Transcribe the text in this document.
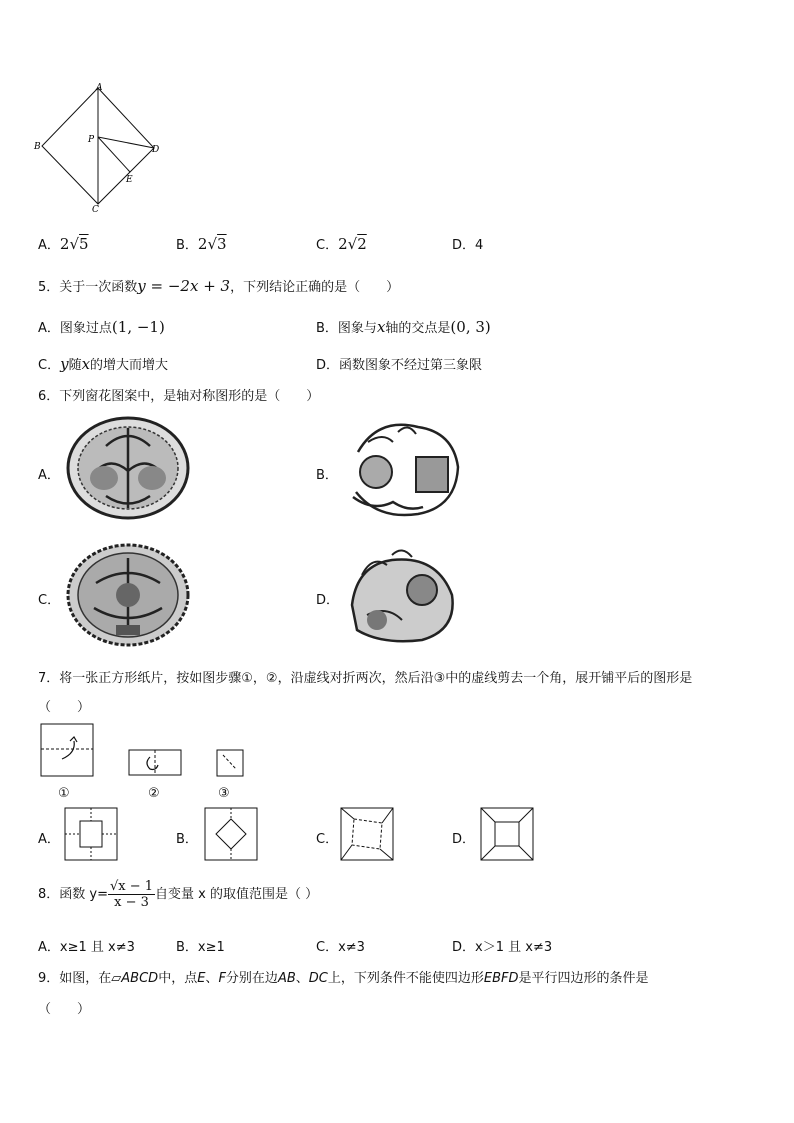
A
B
C
D
P
E
A．2√5	B．2√3	C．2√2	D．4
5．关于一次函数y = −2x + 3，下列结论正确的是（　　）
A．图象过点(1, −1)	B．图象与x轴的交点是(0, 3)
C．y随x的增大而增大	D．函数图象不经过第三象限
6．下列窗花图案中，是轴对称图形的是（　　）
A．	B．
C．	D．
7．将一张正方形纸片，按如图步骤①，②，沿虚线对折两次，然后沿③中的虚线剪去一个角，展开铺平后的图形是
（　　）
①	②	③
A．	B．	C．	D．
8．函数 $y= \frac{√x - 1}{x - 3}$ 自变量 x 的取值范围是（ ）
A．x≥1 且 x≠3	B．x≥1	C．x≠3	D．x＞1 且 x≠3
9．如图，在▱ABCD中，点E、F分别在边AB、DC上，下列条件不能使四边形EBFD是平行四边形的条件是
（　　）
